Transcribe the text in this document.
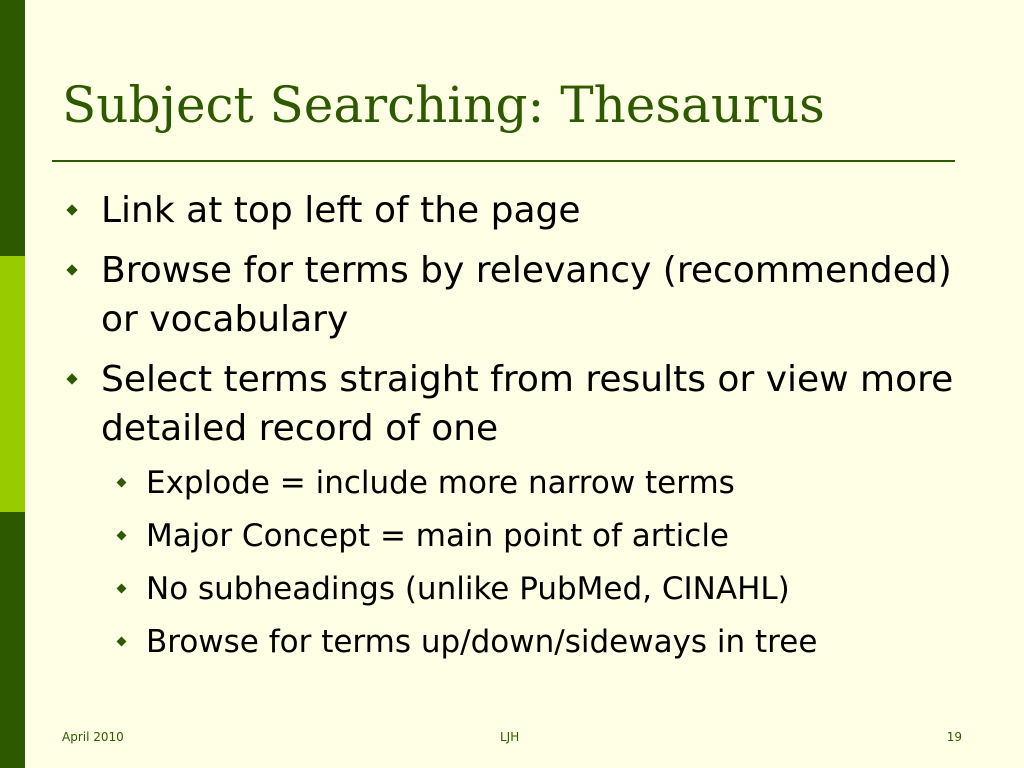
Subject Searching: Thesaurus

Link at top left of the page

Browse for terms by relevancy (recommended) or vocabulary

Select terms straight from results or view more detailed record of one

Explode = include more narrow terms

Major Concept = main point of article

No subheadings (unlike PubMed, CINAHL)

Browse for terms up/down/sideways in tree

April 2010	LJH	19
